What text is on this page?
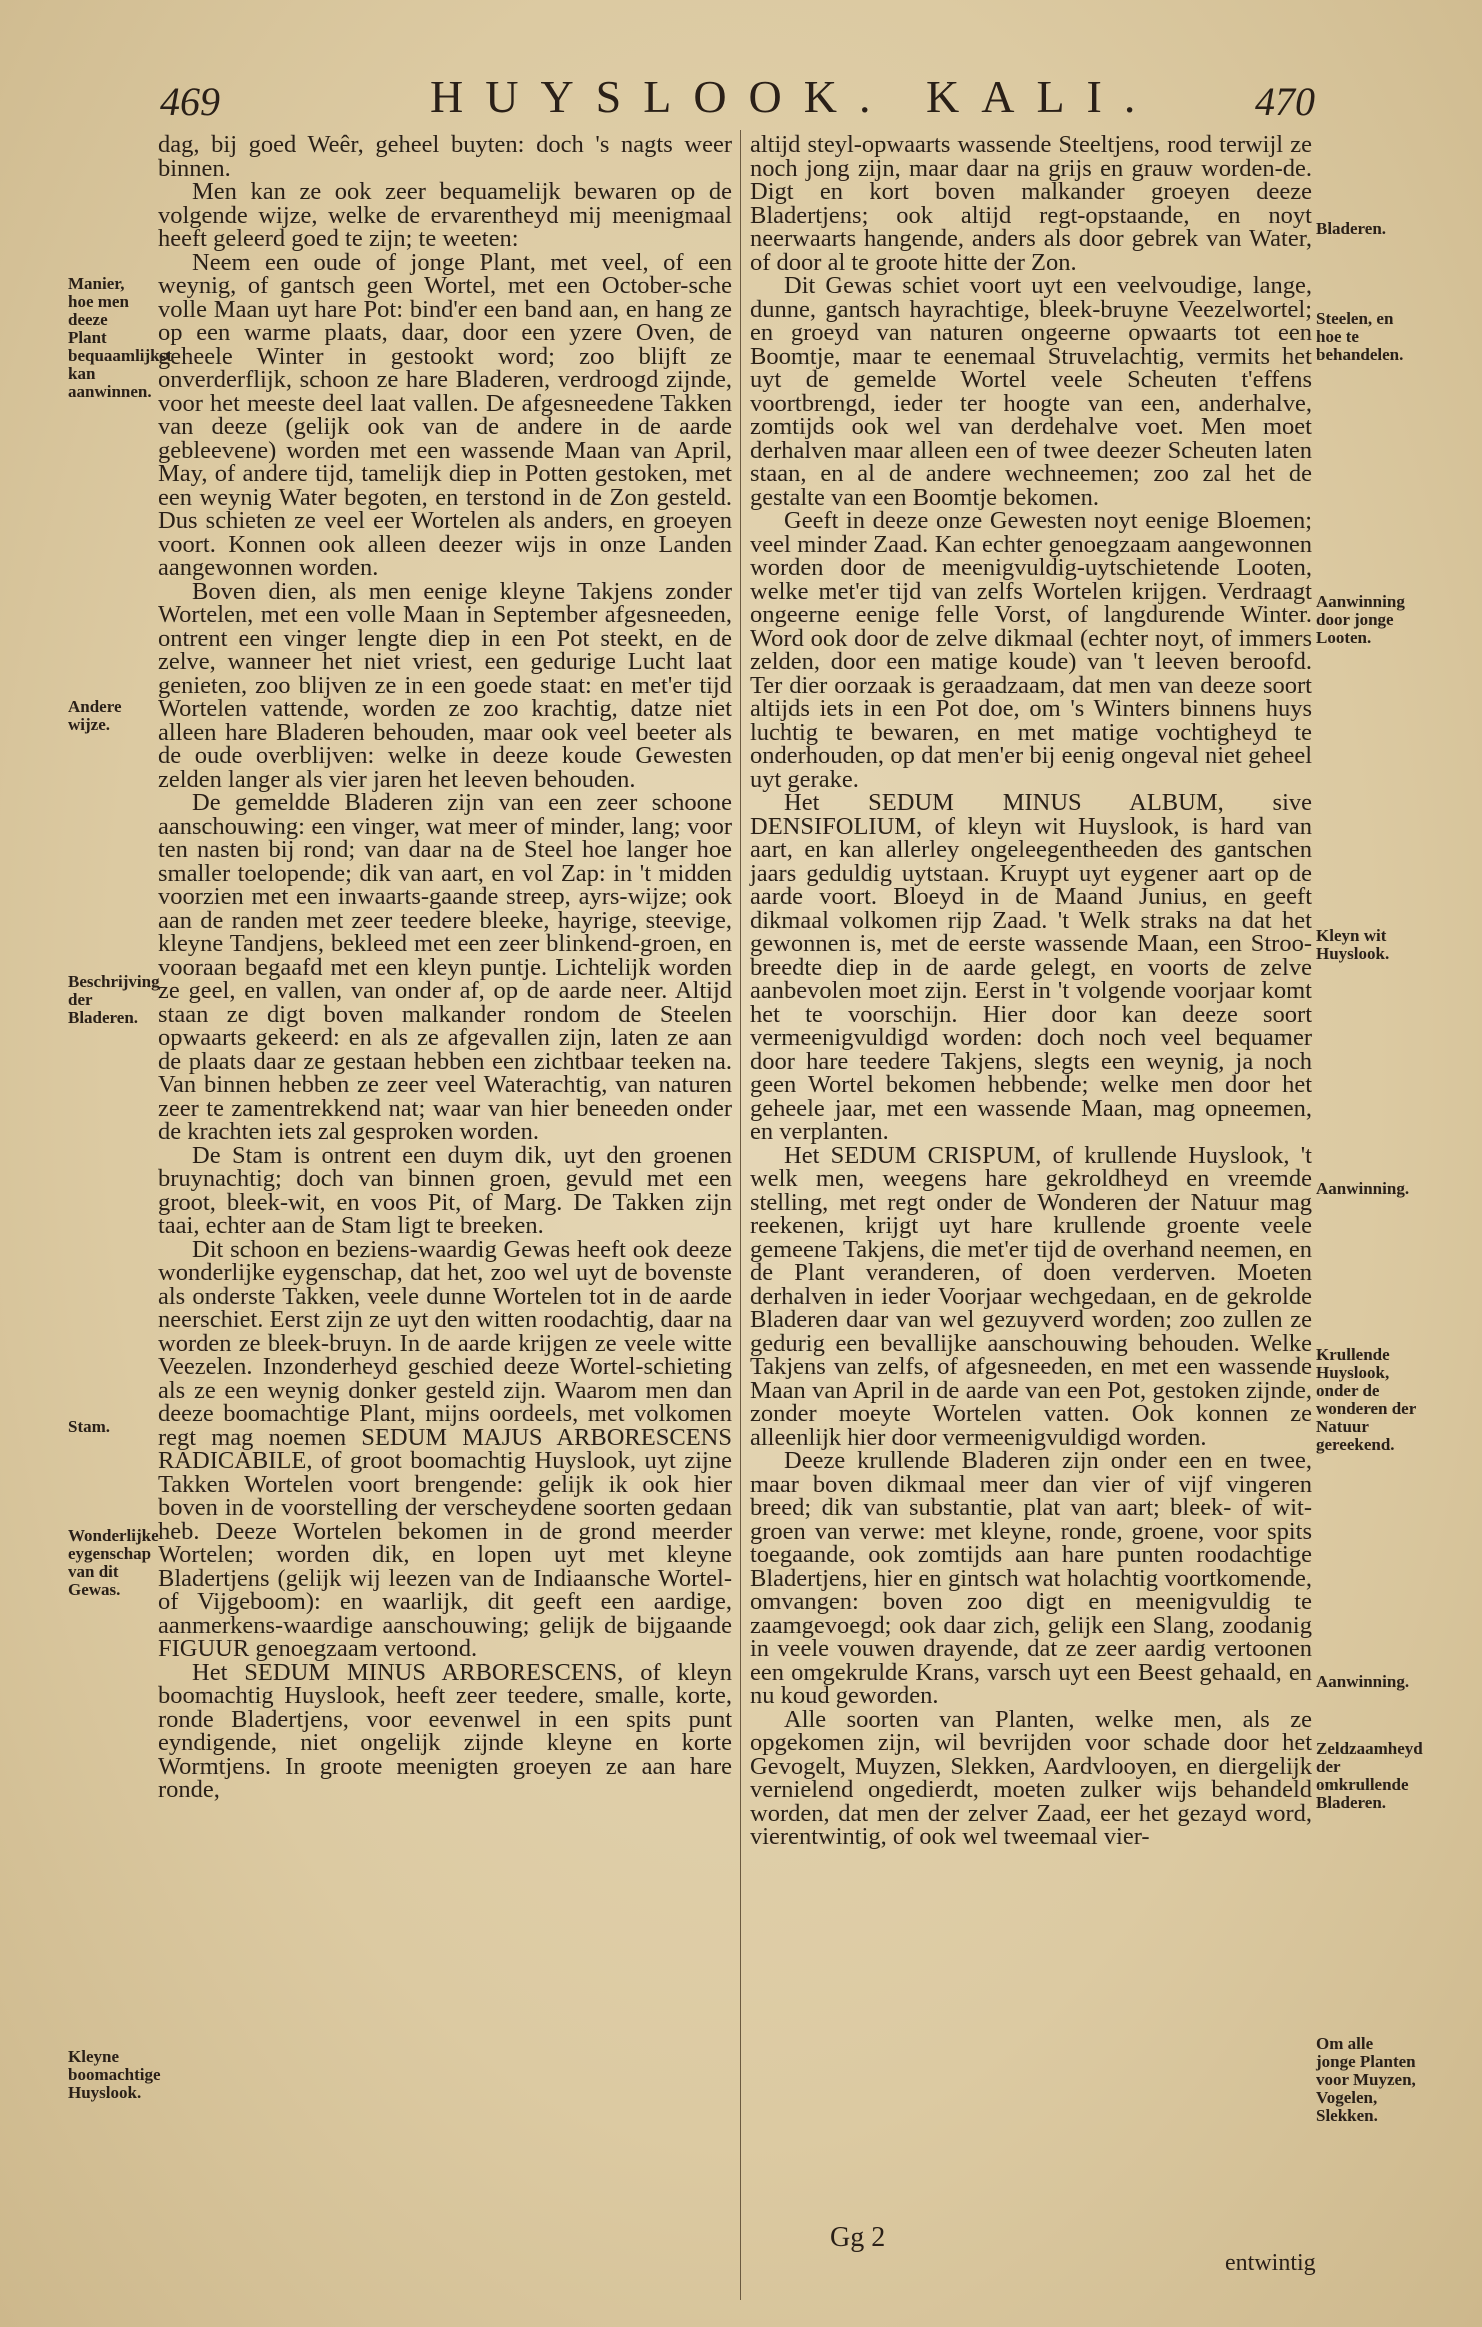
469	HUYSLOOK. KALI. 470

dag, bij goed Weêr, geheel buyten: doch 's nagts weer binnen.

Men kan ze ook zeer bequamelijk bewaren op de volgende wijze, welke de ervarentheyd mij meenigmaal heeft geleerd goed te zijn; te weeten:

Neem een oude of jonge Plant, met veel, of een weynig, of gantsch geen Wortel, met een October-sche volle Maan uyt hare Pot: bind'er een band aan, en hang ze op een warme plaats, daar, door een yzere Oven, de geheele Winter in gestookt word; zoo blijft ze onverderflijk, schoon ze hare Bladeren, verdroogd zijnde, voor het meeste deel laat vallen. De afgesneedene Takken van deeze (gelijk ook van de andere in de aarde gebleevene) worden met een wassende Maan van April, May, of andere tijd, tamelijk diep in Potten gestoken, met een weynig Water begoten, en terstond in de Zon gesteld. Dus schieten ze veel eer Wortelen als anders, en groeyen voort. Konnen ook alleen deezer wijs in onze Landen aangewonnen worden.

Boven dien, als men eenige kleyne Takjens zonder Wortelen, met een volle Maan in September afgesneeden, ontrent een vinger lengte diep in een Pot steekt, en de zelve, wanneer het niet vriest, een gedurige Lucht laat genieten, zoo blijven ze in een goede staat: en met'er tijd Wortelen vattende, worden ze zoo krachtig, datze niet alleen hare Bladeren behouden, maar ook veel beeter als de oude overblijven: welke in deeze koude Gewesten zelden langer als vier jaren het leeven behouden.

De gemeldde Bladeren zijn van een zeer schoone aanschouwing: een vinger, wat meer of minder, lang; voor ten nasten bij rond; van daar na de Steel hoe langer hoe smaller toelopende; dik van aart, en vol Zap: in 't midden voorzien met een inwaarts-gaande streep, ayrs-wijze; ook aan de randen met zeer teedere bleeke, hayrige, steevige, kleyne Tandjens, bekleed met een zeer blinkend-groen, en vooraan begaafd met een kleyn puntje. Lichtelijk worden ze geel, en vallen, van onder af, op de aarde neer. Altijd staan ze digt boven malkander rondom de Steelen opwaarts gekeerd: en als ze afgevallen zijn, laten ze aan de plaats daar ze gestaan hebben een zichtbaar teeken na. Van binnen hebben ze zeer veel Waterachtig, van naturen zeer te zamentrekkend nat; waar van hier beneeden onder de krachten iets zal gesproken worden.

De Stam is ontrent een duym dik, uyt den groenen bruynachtig; doch van binnen groen, gevuld met een groot, bleek-wit, en voos Pit, of Marg. De Takken zijn taai, echter aan de Stam ligt te breeken.

Dit schoon en beziens-waardig Gewas heeft ook deeze wonderlijke eygenschap, dat het, zoo wel uyt de bovenste als onderste Takken, veele dunne Wortelen tot in de aarde neerschiet. Eerst zijn ze uyt den witten roodachtig, daar na worden ze bleek-bruyn. In de aarde krijgen ze veele witte Veezelen. Inzonderheyd geschied deeze Wortel-schieting als ze een weynig donker gesteld zijn. Waarom men dan deeze boomachtige Plant, mijns oordeels, met volkomen regt mag noemen SEDUM MAJUS ARBORESCENS RADICABILE, of groot boomachtig Huyslook, uyt zijne Takken Wortelen voort brengende: gelijk ik ook hier boven in de voorstelling der verscheydene soorten gedaan heb. Deeze Wortelen bekomen in de grond meerder Wortelen; worden dik, en lopen uyt met kleyne Bladertjens (gelijk wij leezen van de Indiaansche Wortel- of Vijgeboom): en waarlijk, dit geeft een aardige, aanmerkens-waardige aanschouwing; gelijk de bijgaande FIGUUR genoegzaam vertoond.

Het SEDUM MINUS ARBORESCENS, of kleyn boomachtig Huyslook, heeft zeer teedere, smalle, korte, ronde Bladertjens, voor eevenwel in een spits punt eyndigende, niet ongelijk zijnde kleyne en korte Wormtjens. In groote meenigten groeyen ze aan hare ronde,

altijd steyl-opwaarts wassende Steeltjens, rood terwijl ze noch jong zijn, maar daar na grijs en grauw worden-de. Digt en kort boven malkander groeyen deeze Bladertjens; ook altijd regt-opstaande, en noyt neerwaarts hangende, anders als door gebrek van Water, of door al te groote hitte der Zon.

Dit Gewas schiet voort uyt een veelvoudige, lange, dunne, gantsch hayrachtige, bleek-bruyne Veezelwortel; en groeyd van naturen ongeerne opwaarts tot een Boomtje, maar te eenemaal Struvelachtig, vermits het uyt de gemelde Wortel veele Scheuten t'effens voortbrengd, ieder ter hoogte van een, anderhalve, zomtijds ook wel van derdehalve voet. Men moet derhalven maar alleen een of twee deezer Scheuten laten staan, en al de andere wechneemen; zoo zal het de gestalte van een Boomtje bekomen.

Geeft in deeze onze Gewesten noyt eenige Bloemen; veel minder Zaad. Kan echter genoegzaam aangewonnen worden door de meenigvuldig-uytschietende Looten, welke met'er tijd van zelfs Wortelen krijgen. Verdraagt ongeerne eenige felle Vorst, of langdurende Winter. Word ook door de zelve dikmaal (echter noyt, of immers zelden, door een matige koude) van 't leeven beroofd. Ter dier oorzaak is geraadzaam, dat men van deeze soort altijds iets in een Pot doe, om 's Winters binnens huys luchtig te bewaren, en met matige vochtigheyd te onderhouden, op dat men'er bij eenig ongeval niet geheel uyt gerake.

Het SEDUM MINUS ALBUM, sive DENSIFOLIUM, of kleyn wit Huyslook, is hard van aart, en kan allerley ongeleegentheeden des gantschen jaars geduldig uytstaan. Kruypt uyt eygener aart op de aarde voort. Bloeyd in de Maand Junius, en geeft dikmaal volkomen rijp Zaad. 't Welk straks na dat het gewonnen is, met de eerste wassende Maan, een Stroo-breedte diep in de aarde gelegt, en voorts de zelve aanbevolen moet zijn. Eerst in 't volgende voorjaar komt het te voorschijn. Hier door kan deeze soort vermeenigvuldigd worden: doch noch veel bequamer door hare teedere Takjens, slegts een weynig, ja noch geen Wortel bekomen hebbende; welke men door het geheele jaar, met een wassende Maan, mag opneemen, en verplanten.

Het SEDUM CRISPUM, of krullende Huyslook, 't welk men, weegens hare gekroldheyd en vreemde stelling, met regt onder de Wonderen der Natuur mag reekenen, krijgt uyt hare krullende groente veele gemeene Takjens, die met'er tijd de overhand neemen, en de Plant veranderen, of doen verderven. Moeten derhalven in ieder Voorjaar wechgedaan, en de gekrolde Bladeren daar van wel gezuyverd worden; zoo zullen ze gedurig een bevallijke aanschouwing behouden. Welke Takjens van zelfs, of afgesneeden, en met een wassende Maan van April in de aarde van een Pot, gestoken zijnde, zonder moeyte Wortelen vatten. Ook konnen ze alleenlijk hier door vermeenigvuldigd worden.

Deeze krullende Bladeren zijn onder een en twee, maar boven dikmaal meer dan vier of vijf vingeren breed; dik van substantie, plat van aart; bleek- of wit-groen van verwe: met kleyne, ronde, groene, voor spits toegaande, ook zomtijds aan hare punten roodachtige Bladertjens, hier en gintsch wat holachtig voortkomende, omvangen: boven zoo digt en meenigvuldig te zaamgevoegd; ook daar zich, gelijk een Slang, zoodanig in veele vouwen drayende, dat ze zeer aardig vertoonen een omgekrulde Krans, varsch uyt een Beest gehaald, en nu koud geworden.

Alle soorten van Planten, welke men, als ze opgekomen zijn, wil bevrijden voor schade door het Gevogelt, Muyzen, Slekken, Aardvlooyen, en diergelijk vernielend ongedierdt, moeten zulker wijs behandeld worden, dat men der zelver Zaad, eer het gezayd word, vierentwintig, of ook wel tweemaal vier-

Manier, hoe men deeze Plant bequaamlijkst kan aanwinnen.
Andere wijze.
Beschrijving der Bladeren.
Stam.
Wonderlijke eygenschap van dit Gewas.
Kleyne boomachtige Huyslook.
Bladeren.
Steelen, en hoe te behandelen.
Aanwinning door jonge Looten.
Kleyn wit Huyslook.
Aanwinning.
Krullende Huyslook, onder de wonderen der Natuur gereekend.
Aanwinning.
Zeldzaamheyd der omkrullende Bladeren.
Om alle jonge Planten voor Muyzen, Vogelen, Slekken.
Gg 2
entwintig
